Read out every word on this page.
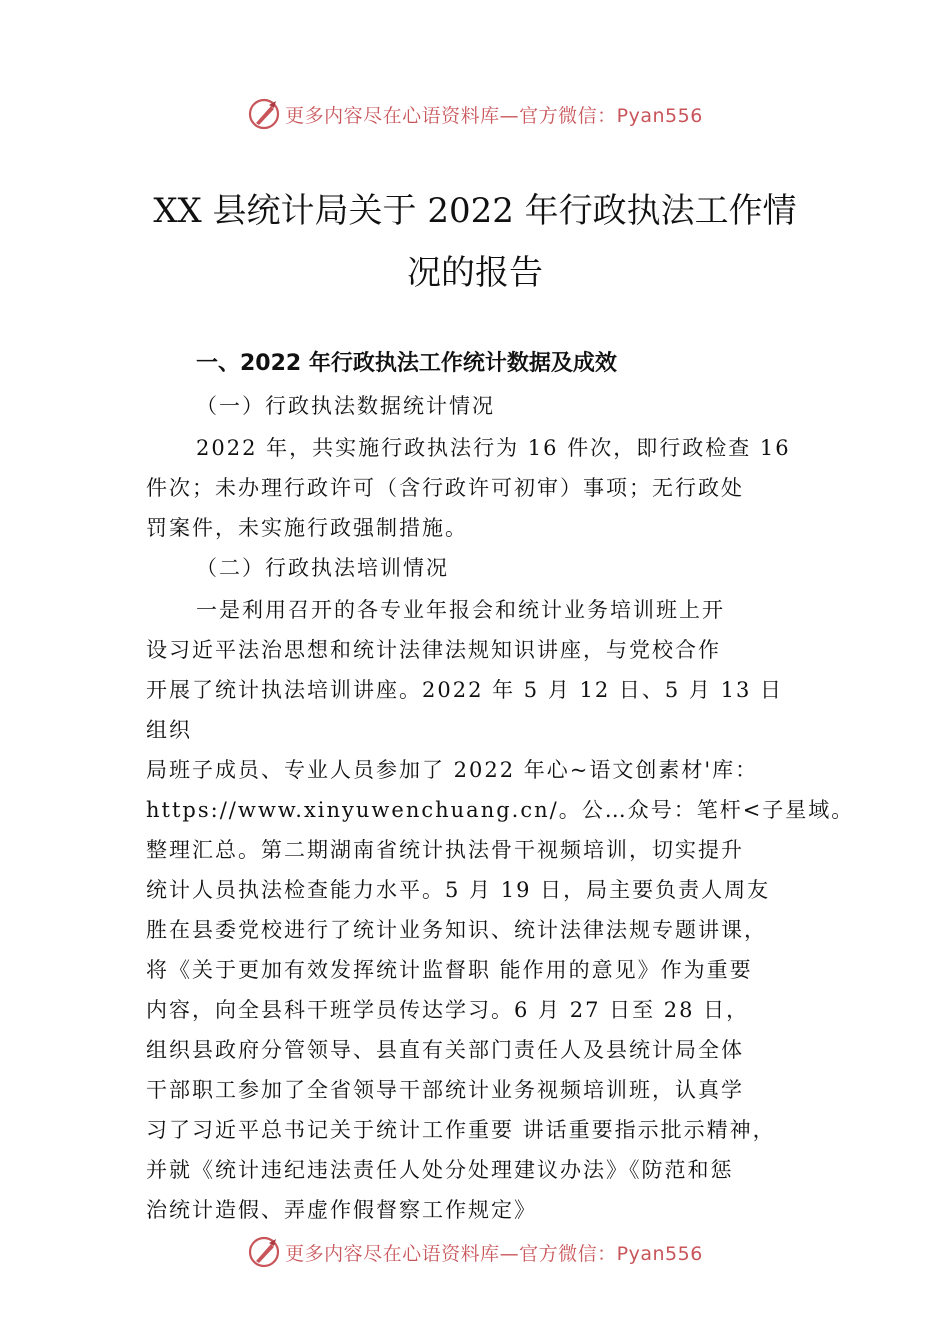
更多内容尽在心语资料库—官方微信：Pyan556
XX 县统计局关于 2022 年行政执法工作情
况的报告
一、2022 年行政执法工作统计数据及成效
（一）行政执法数据统计情况
2022 年，共实施行政执法行为 16 件次，即行政检查 16
件次；未办理行政许可（含行政许可初审）事项；无行政处
罚案件，未实施行政强制措施。
（二）行政执法培训情况
一是利用召开的各专业年报会和统计业务培训班上开
设习近平法治思想和统计法律法规知识讲座，与党校合作
开展了统计执法培训讲座。2022 年 5 月 12 日、5 月 13 日
组织
局班子成员、专业人员参加了 2022 年心~语文创素材'库：
https://www.xinyuwenchuang.cn/。公…众号：笔杆<子星域。
整理汇总。第二期湖南省统计执法骨干视频培训，切实提升
统计人员执法检查能力水平。5 月 19 日，局主要负责人周友
胜在县委党校进行了统计业务知识、统计法律法规专题讲课，
将《关于更加有效发挥统计监督职 能作用的意见》作为重要
内容，向全县科干班学员传达学习。6 月 27 日至 28 日，
组织县政府分管领导、县直有关部门责任人及县统计局全体
干部职工参加了全省领导干部统计业务视频培训班，认真学
习了习近平总书记关于统计工作重要 讲话重要指示批示精神，
并就《统计违纪违法责任人处分处理建议办法》《防范和惩
治统计造假、弄虚作假督察工作规定》
更多内容尽在心语资料库—官方微信：Pyan556
